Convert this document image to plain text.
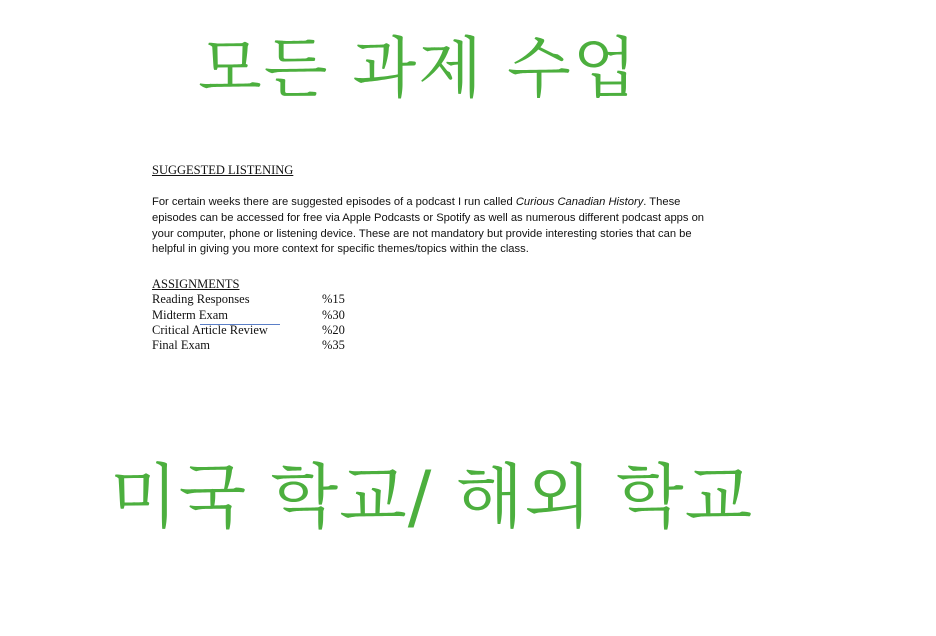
모든 과제 수업

SUGGESTED LISTENING

For certain weeks there are suggested episodes of a podcast I run called Curious Canadian History. These episodes can be accessed for free via Apple Podcasts or Spotify as well as numerous different podcast apps on your computer, phone or listening device. These are not mandatory but provide interesting stories that can be helpful in giving you more context for specific themes/topics within the class.

ASSIGNMENTS

Reading Responses	%15
Midterm Exam	%30
Critical Article Review	%20
Final Exam	%35
미국 학교/ 해외 학교
